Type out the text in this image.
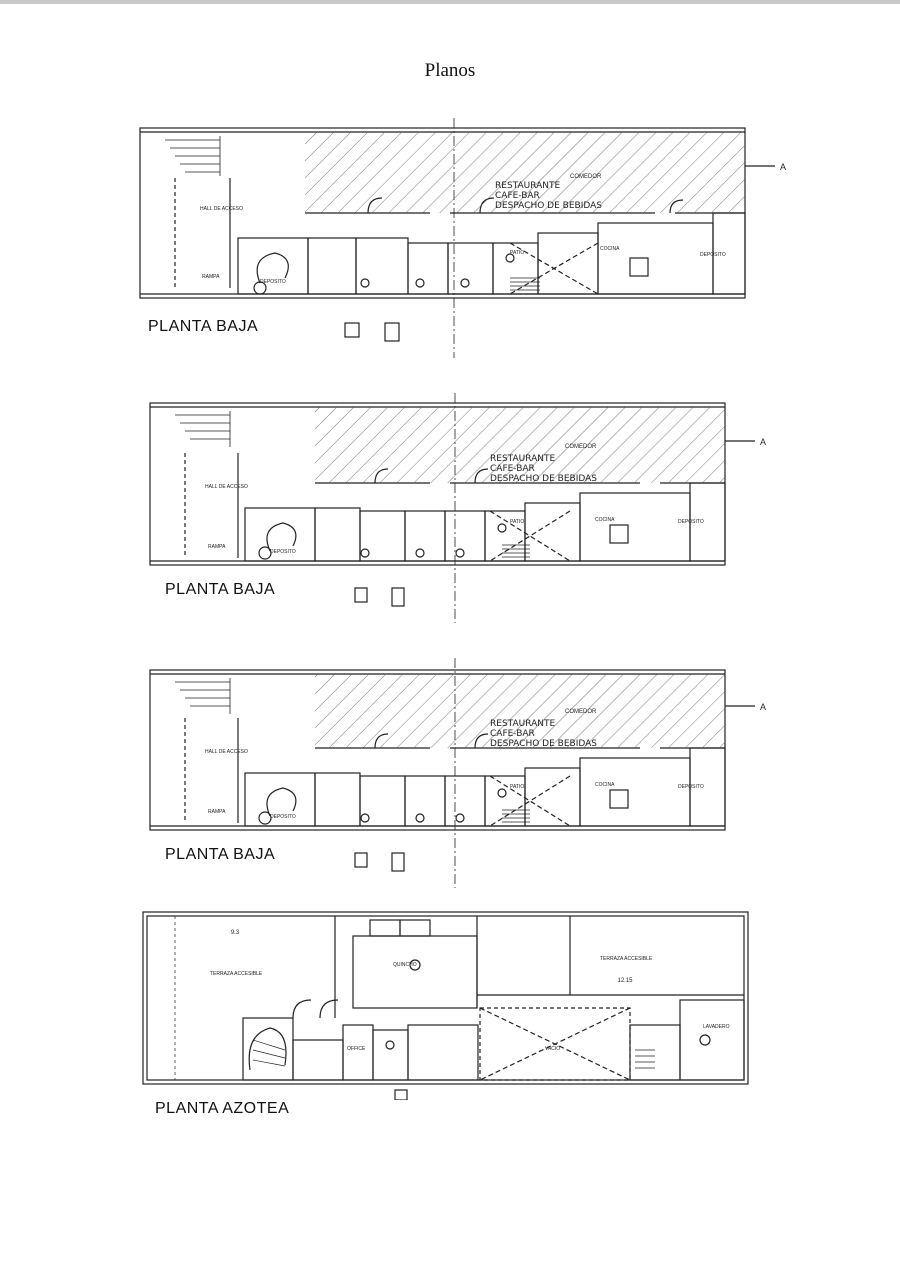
Planos
RESTAURANTE
CAFE-BAR
DESPACHO DE BEBIDAS
COMEDOR
HALL DE ACCESO
RAMPA
DEPOSITO
DEPOSITO
COCINA
PATIO
A
PLANTA BAJA
RESTAURANTE
CAFE-BAR
DESPACHO DE BEBIDAS
COMEDOR
HALL DE ACCESO
RAMPA
DEPOSITO
DEPOSITO
COCINA
PATIO
A
PLANTA BAJA
RESTAURANTE
CAFE-BAR
DESPACHO DE BEBIDAS
COMEDOR
HALL DE ACCESO
RAMPA
DEPOSITO
DEPOSITO
COCINA
PATIO
A
PLANTA BAJA
9.3
12.15
TERRAZA ACCESIBLE
TERRAZA ACCESIBLE
QUINCHO
LAVADERO
OFFICE	VACIO
PLANTA AZOTEA
